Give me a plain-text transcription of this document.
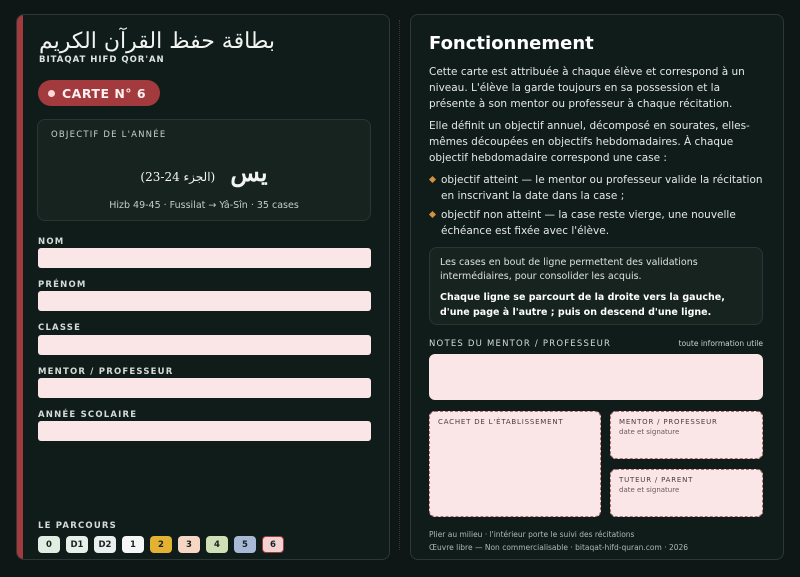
بطاقة حفظ القرآن الكريم
BITAQAT HIFD QOR'AN
CARTE N° 6
OBJECTIF DE L'ANNÉE
يس (الجزء 24-23)
Hizb 49-45 · Fussilat → Yâ-Sîn · 35 cases
NOM
PRÉNOM
CLASSE
MENTOR / PROFESSEUR
ANNÉE SCOLAIRE
LE PARCOURS
0	D1	D2	1	2	3	4	5	6
Fonctionnement

Cette carte est attribuée à chaque élève et correspond à un niveau. L'élève la garde toujours en sa possession et la présente à son mentor ou professeur à chaque récitation.

Elle définit un objectif annuel, décomposé en sourates, elles-mêmes découpées en objectifs hebdomadaires. À chaque objectif hebdomadaire correspond une case :

objectif atteint — le mentor ou professeur valide la récitation en inscrivant la date dans la case ;
objectif non atteint — la case reste vierge, une nouvelle échéance est fixée avec l'élève.

Les cases en bout de ligne permettent des validations intermédiaires, pour consolider les acquis.

Chaque ligne se parcourt de la droite vers la gauche, d'une page à l'autre ; puis on descend d'une ligne.

NOTES DU MENTOR / PROFESSEUR	toute information utile
CACHET DE L'ÉTABLISSEMENT	MENTOR / PROFESSEUR
date et signature
TUTEUR / PARENT
date et signature
Plier au milieu · l'intérieur porte le suivi des récitations
Œuvre libre — Non commercialisable · bitaqat-hifd-quran.com · 2026
